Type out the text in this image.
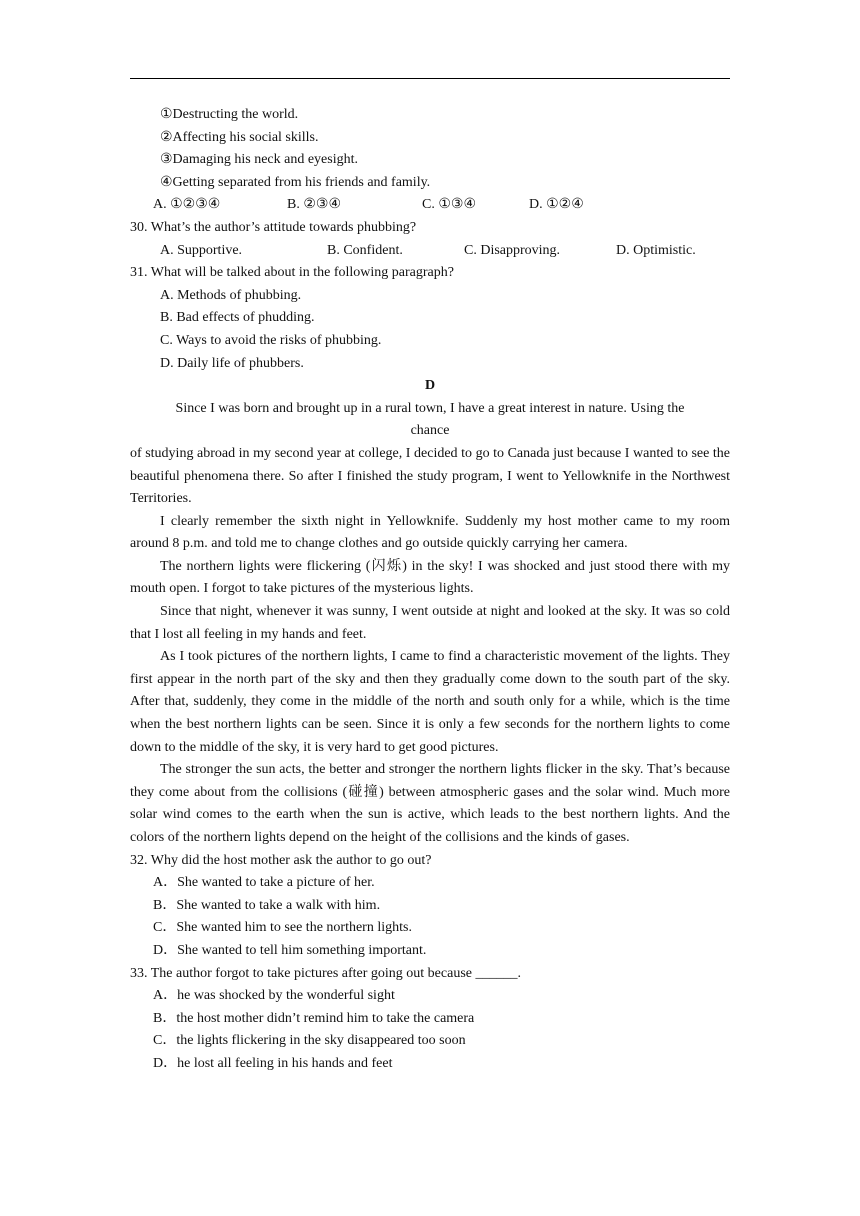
①Destructing the world.
②Affecting his social skills.
③Damaging his neck and eyesight.
④Getting separated from his friends and family.
A. ①②③④	B. ②③④	C. ①③④	D. ①②④
30. What’s the author’s attitude towards phubbing?
A. Supportive.	B. Confident.	C. Disapproving.	D. Optimistic.
31. What will be talked about in the following paragraph?
A. Methods of phubbing.
B. Bad effects of phudding.
C. Ways to avoid the risks of phubbing.
D. Daily life of phubbers.
D
Since I was born and brought up in a rural town, I have a great interest in nature. Using the
chance

of studying abroad in my second year at college, I decided to go to Canada just because I wanted to see the beautiful phenomena there. So after I finished the study program, I went to Yellowknife in the Northwest Territories.

I clearly remember the sixth night in Yellowknife. Suddenly my host mother came to my room around 8 p.m. and told me to change clothes and go outside quickly carrying her camera.

The northern lights were flickering (闪烁) in the sky! I was shocked and just stood there with my mouth open. I forgot to take pictures of the mysterious lights.

Since that night, whenever it was sunny, I went outside at night and looked at the sky. It was so cold that I lost all feeling in my hands and feet.

As I took pictures of the northern lights, I came to find a characteristic movement of the lights. They first appear in the north part of the sky and then they gradually come down to the south part of the sky. After that, suddenly, they come in the middle of the north and south only for a while, which is the time when the best northern lights can be seen. Since it is only a few seconds for the northern lights to come down to the middle of the sky, it is very hard to get good pictures.

The stronger the sun acts, the better and stronger the northern lights flicker in the sky. That’s because they come about from the collisions (碰撞) between atmospheric gases and the solar wind. Much more solar wind comes to the earth when the sun is active, which leads to the best northern lights. And the colors of the northern lights depend on the height of the collisions and the kinds of gases.

32. Why did the host mother ask the author to go out?
A．She wanted to take a picture of her.
B．She wanted to take a walk with him.
C．She wanted him to see the northern lights.
D．She wanted to tell him something important.
33. The author forgot to take pictures after going out because ______.
A．he was shocked by the wonderful sight
B．the host mother didn’t remind him to take the camera
C．the lights flickering in the sky disappeared too soon
D．he lost all feeling in his hands and feet
